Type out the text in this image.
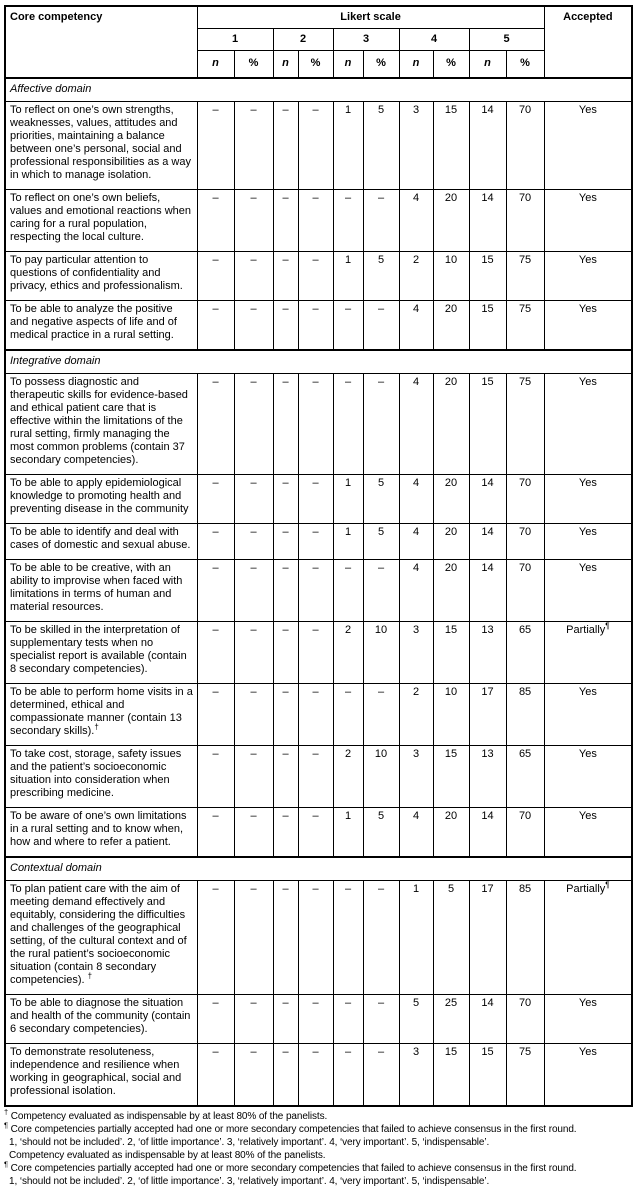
Core competency	Likert scale										Accepted
	1		2		3		4		5		
	n	%	n	%	n	%	n	%	n	%	
Affective domain											
To reflect on one’s own strengths, weaknesses, values, attitudes and priorities, maintaining a balance between one’s personal, social and professional responsibilities as a way in which to manage isolation.	–	–	–	–	1	5	3	15	14	70	Yes
To reflect on one’s own beliefs, values and emotional reactions when caring for a rural population, respecting the local culture.	–	–	–	–	–	–	4	20	14	70	Yes
To pay particular attention to questions of confidentiality and privacy, ethics and professionalism.	–	–	–	–	1	5	2	10	15	75	Yes
To be able to analyze the positive and negative aspects of life and of medical practice in a rural setting.	–	–	–	–	–	–	4	20	15	75	Yes
Integrative domain											
To possess diagnostic and therapeutic skills for evidence-based and ethical patient care that is effective within the limitations of the rural setting, firmly managing the most common problems (contain 37 secondary competencies).	–	–	–	–	–	–	4	20	15	75	Yes
To be able to apply epidemiological knowledge to promoting health and preventing disease in the community	–	–	–	–	1	5	4	20	14	70	Yes
To be able to identify and deal with cases of domestic and sexual abuse.	–	–	–	–	1	5	4	20	14	70	Yes
To be able to be creative, with an ability to improvise when faced with limitations in terms of human and material resources.	–	–	–	–	–	–	4	20	14	70	Yes
To be skilled in the interpretation of supplementary tests when no specialist report is available (contain 8 secondary competencies).	–	–	–	–	2	10	3	15	13	65	Partially¶
To be able to perform home visits in a determined, ethical and compassionate manner (contain 13 secondary skills).†	–	–	–	–	–	–	2	10	17	85	Yes
To take cost, storage, safety issues and the patient’s socioeconomic situation into consideration when prescribing medicine.	–	–	–	–	2	10	3	15	13	65	Yes
To be aware of one’s own limitations in a rural setting and to know when, how and where to refer a patient.	–	–	–	–	1	5	4	20	14	70	Yes
Contextual domain											
To plan patient care with the aim of meeting demand effectively and equitably, considering the difficulties and challenges of the geographical setting, of the cultural context and of the rural patient’s socioeconomic situation (contain 8 secondary competencies). †	–	–	–	–	–	–	1	5	17	85	Partially¶
To be able to diagnose the situation and health of the community (contain 6 secondary competencies).	–	–	–	–	–	–	5	25	14	70	Yes
To demonstrate resoluteness, independence and resilience when working in geographical, social and professional isolation.	–	–	–	–	–	–	3	15	15	75	Yes
† Competency evaluated as indispensable by at least 80% of the panelists.
¶ Core competencies partially accepted had one or more secondary competencies that failed to achieve consensus in the first round.
1, ‘should not be included’. 2, ‘of little importance’. 3, ‘relatively important’. 4, ‘very important’. 5, ‘indispensable’.
Competency evaluated as indispensable by at least 80% of the panelists.
¶ Core competencies partially accepted had one or more secondary competencies that failed to achieve consensus in the first round.
1, ‘should not be included’. 2, ‘of little importance’. 3, ‘relatively important’. 4, ‘very important’. 5, ‘indispensable’.
